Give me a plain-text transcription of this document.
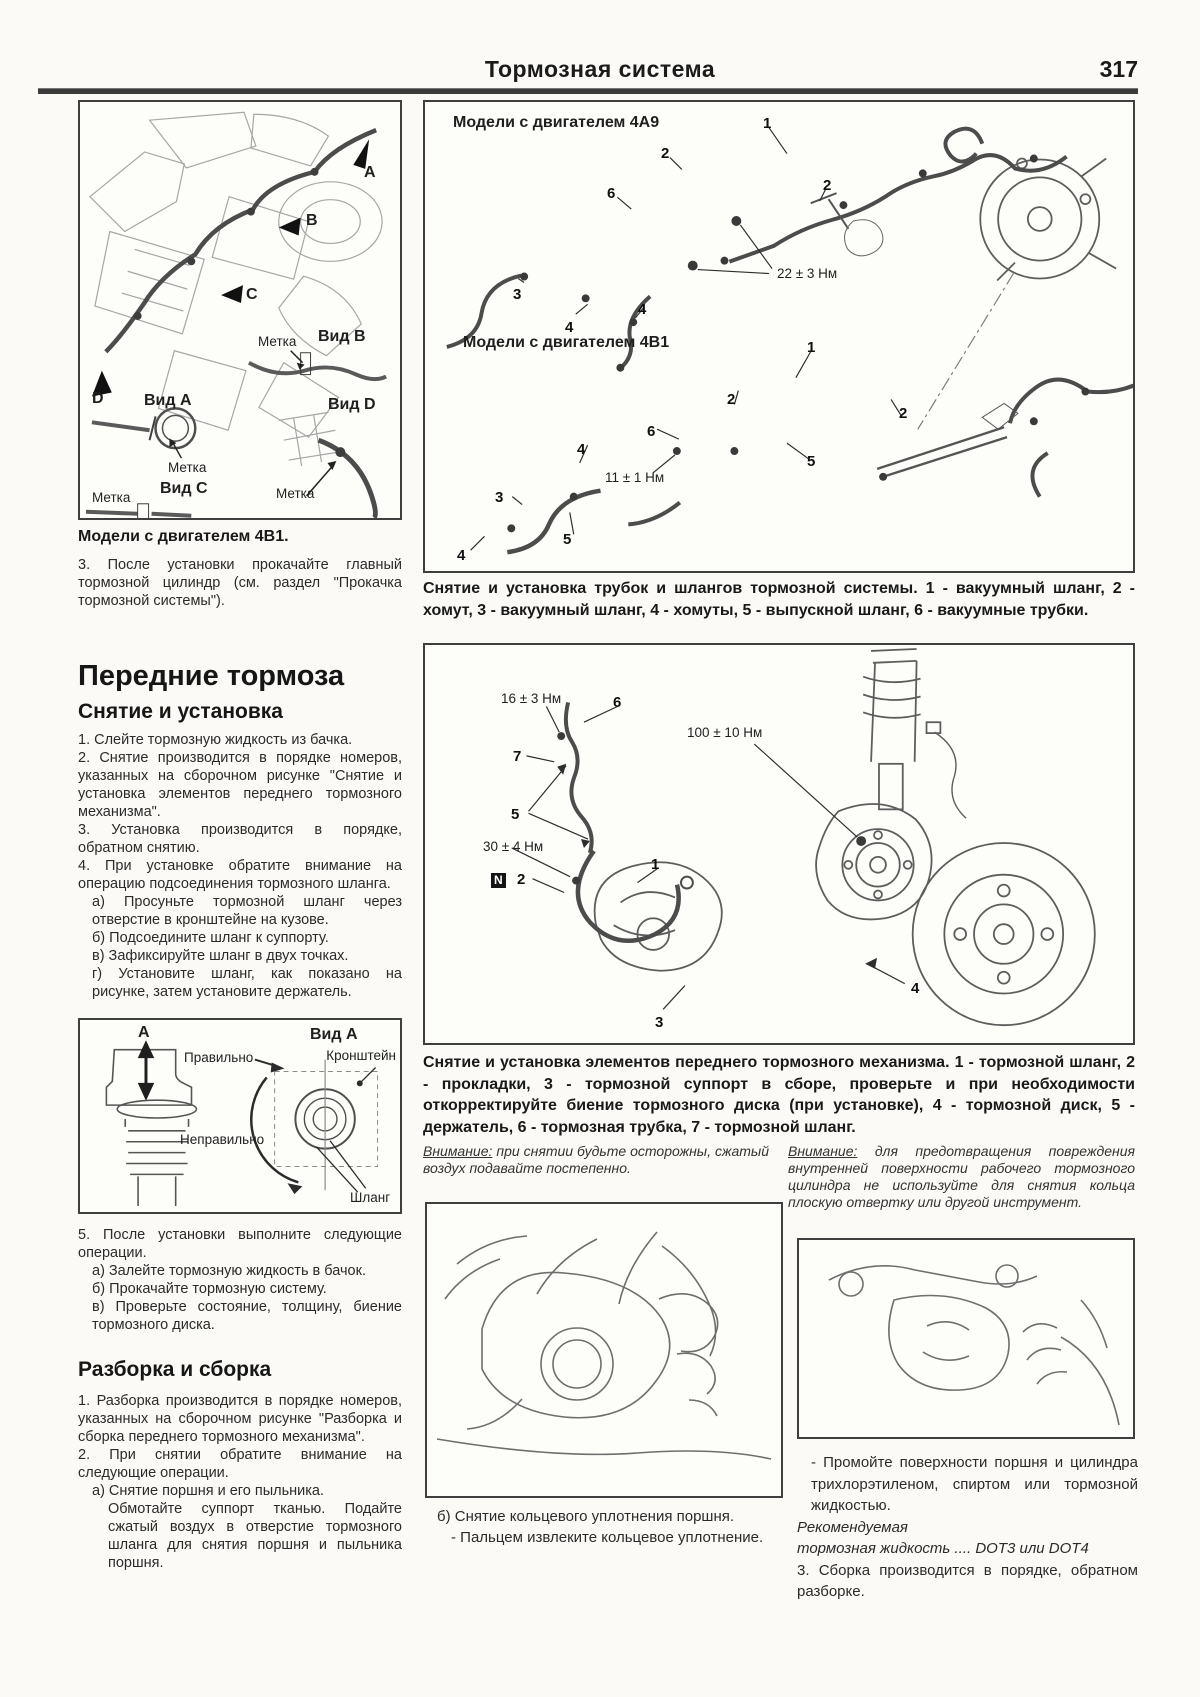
Тормозная система	317
A
B
C
D
Метка Вид B
Вид A	Вид D
Метка
Вид C	Метка
Метка
Модели с двигателем 4В1.
3. После установки прокачайте главный тормозной цилиндр (см. раздел "Прокачка тормозной системы").
Передние тормоза
Снятие и установка

1. Слейте тормозную жидкость из бачка.

2. Снятие производится в порядке номеров, указанных на сборочном рисунке "Снятие и установка элементов переднего тормозного механизма".

3. Установка производится в порядке, обратном снятию.

4. При установке обратите внимание на операцию подсоединения тормозного шланга.

а) Просуньте тормозной шланг через отверстие в кронштейне на кузове.

б) Подсоедините шланг к суппорту.

в) Зафиксируйте шланг в двух точках.

г) Установите шланг, как показано на рисунке, затем установите держатель.

A	Вид A
Правильно	Кронштейн
Неправильно
Шланг

5. После установки выполните следующие операции.

а) Залейте тормозную жидкость в бачок.

б) Прокачайте тормозную систему.

в) Проверьте состояние, толщину, биение тормозного диска.

Разборка и сборка

1. Разборка производится в порядке номеров, указанных на сборочном рисунке "Разборка и сборка переднего тормозного механизма".

2. При снятии обратите внимание на следующие операции.

а) Снятие поршня и его пыльника.

Обмотайте суппорт тканью. Подайте сжатый воздух в отверстие тормозного шланга для снятия поршня и пыльника поршня.

Модели с двигателем 4А9
Модели с двигателем 4В1
22 ± 3 Нм
11 ± 1 Нм
1
2
2
6
3
4
4
1
2
2
6
4
3
5
5
4
Снятие и установка трубок и шлангов тормозной системы. 1 - вакуумный шланг, 2 - хомут, 3 - вакуумный шланг, 4 - хомуты, 5 - выпускной шланг, 6 - вакуумные трубки.
16 ± 3 Нм	6
100 ± 10 Нм
7
5
30 ± 4 Нм
1
N 2
3
4
Снятие и установка элементов переднего тормозного механизма. 1 - тормозной шланг, 2 - прокладки, 3 - тормозной суппорт в сборе, проверьте и при необходимости откорректируйте биение тормозного диска (при установке), 4 - тормозной диск, 5 - держатель, 6 - тормозная трубка, 7 - тормозной шланг.
Внимание: при снятии будьте осторожны, сжатый воздух подавайте постепенно.
Внимание: для предотвращения повреждения внутренней поверхности рабочего тормозного цилиндра не используйте для снятия кольца плоскую отвертку или другой инструмент.

б) Снятие кольцевого уплотнения поршня.

- Пальцем извлеките кольцевое уплотнение.

- Промойте поверхности поршня и цилиндра трихлорэтиленом, спиртом или тормозной жидкостью.

Рекомендуемая

тормозная жидкость .... DOT3 или DOT4

3. Сборка производится в порядке, обратном разборке.
